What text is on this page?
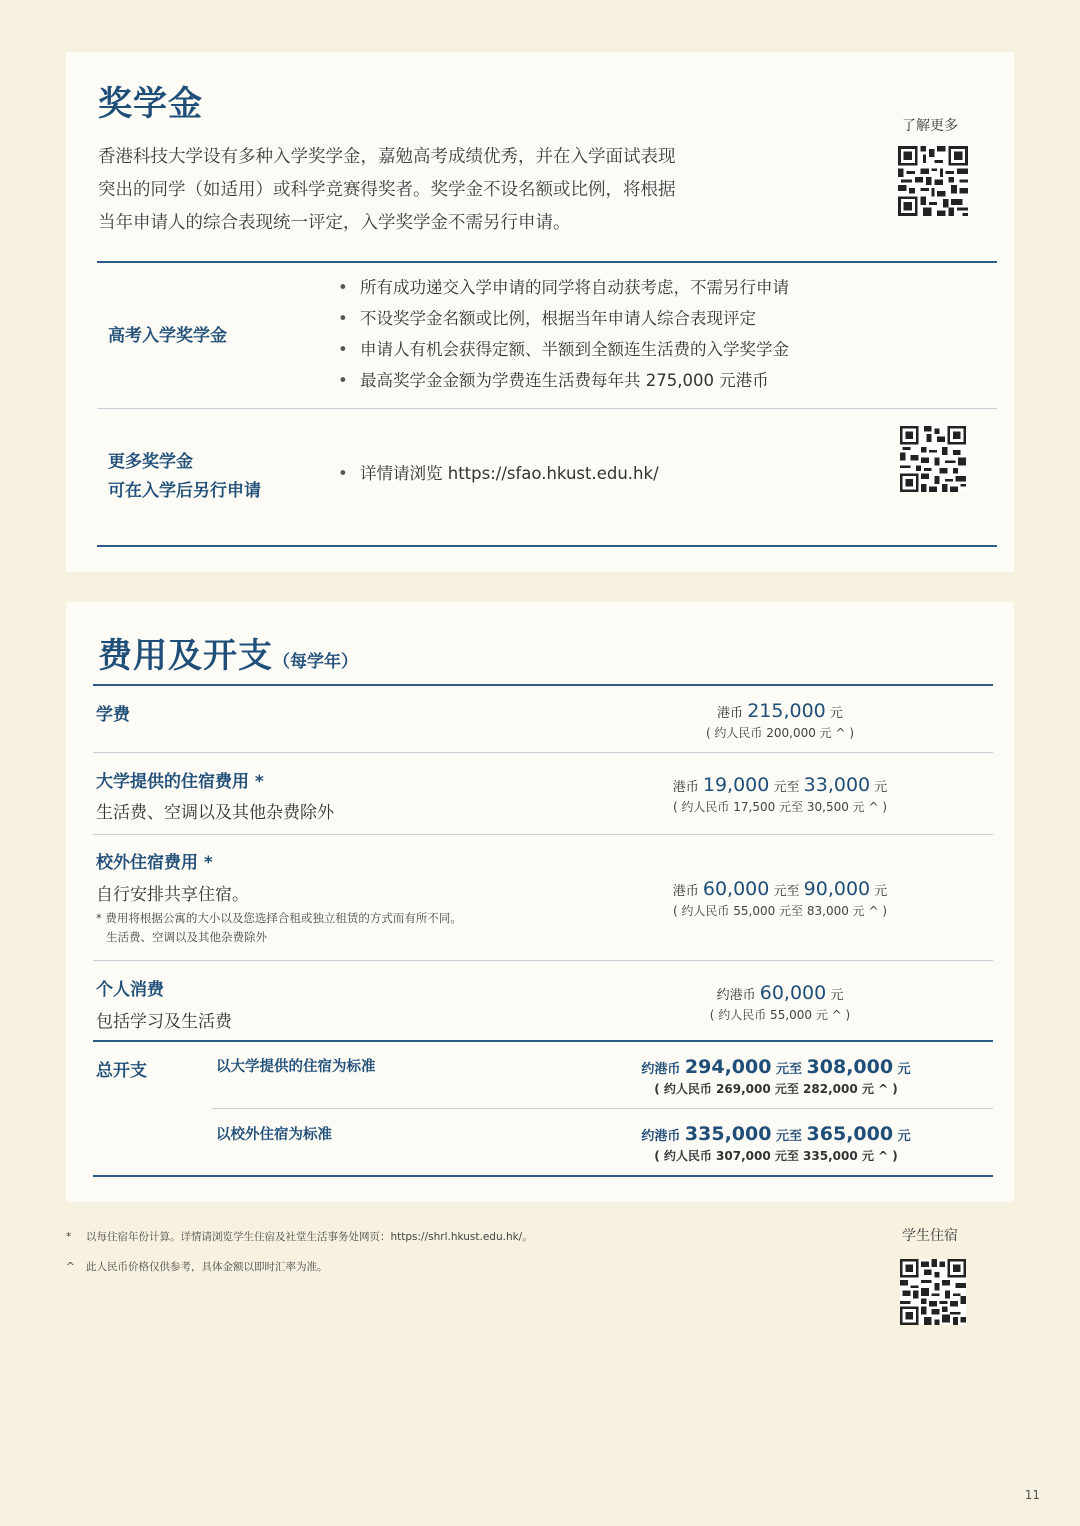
奖学金
了解更多
香港科技大学设有多种入学奖学金，嘉勉高考成绩优秀，并在入学面试表现
突出的同学（如适用）或科学竞赛得奖者。奖学金不设名额或比例，将根据
当年申请人的综合表现统一评定，入学奖学金不需另行申请。
高考入学奖学金
• 所有成功递交入学申请的同学将自动获考虑，不需另行申请
• 不设奖学金名额或比例，根据当年申请人综合表现评定
• 申请人有机会获得定额、半额到全额连生活费的入学奖学金
• 最高奖学金金额为学费连生活费每年共 275,000 元港币
更多奖学金
可在入学后另行申请
• 详情请浏览 https://sfao.hkust.edu.hk/
费用及开支（每学年）
学费	港币 215,000 元
( 约人民币 200,000 元 ^ )
大学提供的住宿费用 *
生活费、空调以及其他杂费除外
港币 19,000 元至 33,000 元
( 约人民币 17,500 元至 30,500 元 ^ )
校外住宿费用 *
自行安排共享住宿。
* 费用将根据公寓的大小以及您选择合租或独立租赁的方式而有所不同。
生活费、空调以及其他杂费除外
港币 60,000 元至 90,000 元
( 约人民币 55,000 元至 83,000 元 ^ )
个人消费
包括学习及生活费
约港币 60,000 元
( 约人民币 55,000 元 ^ )
总开支	以大学提供的住宿为标准	约港币 294,000 元至 308,000 元
( 约人民币 269,000 元至 282,000 元 ^ )
以校外住宿为标准	约港币 335,000 元至 365,000 元
( 约人民币 307,000 元至 335,000 元 ^ )
* 以每住宿年份计算。详情请浏览学生住宿及社堂生活事务处网页：https://shrl.hkust.edu.hk/。
^ 此人民币价格仅供参考，具体金额以即时汇率为准。
学生住宿
11
